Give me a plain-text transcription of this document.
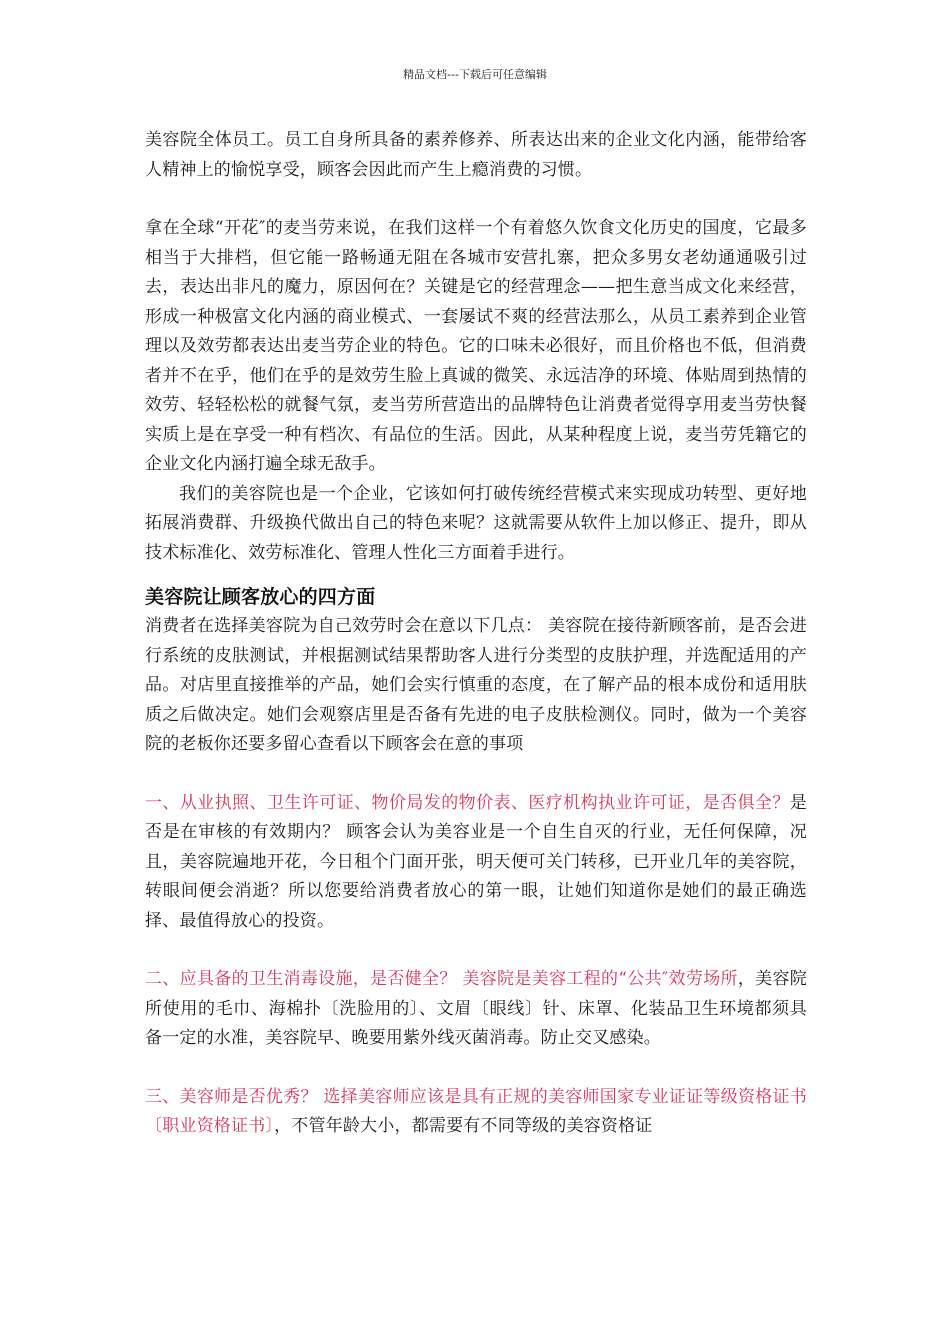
精品文档---下载后可任意编辑

美容院全体员工。员工自身所具备的素养修养、所表达出来的企业文化内涵，能带给客人精神上的愉悦享受，顾客会因此而产生上瘾消费的习惯。

拿在全球“开花″的麦当劳来说，在我们这样一个有着悠久饮食文化历史的国度，它最多相当于大排档，但它能一路畅通无阻在各城市安营扎寨，把众多男女老幼通通吸引过去，表达出非凡的魔力，原因何在？关键是它的经营理念——把生意当成文化来经营，形成一种极富文化内涵的商业模式、一套屡试不爽的经营法那么，从员工素养到企业管理以及效劳都表达出麦当劳企业的特色。它的口味未必很好，而且价格也不低，但消费者并不在乎，他们在乎的是效劳生脸上真诚的微笑、永远洁净的环境、体贴周到热情的效劳、轻轻松松的就餐气氛，麦当劳所营造出的品牌特色让消费者觉得享用麦当劳快餐实质上是在享受一种有档次、有品位的生活。因此，从某种程度上说，麦当劳凭籍它的企业文化内涵打遍全球无敌手。

我们的美容院也是一个企业，它该如何打破传统经营模式来实现成功转型、更好地拓展消费群、升级换代做出自己的特色来呢？这就需要从软件上加以修正、提升，即从技术标准化、效劳标准化、管理人性化三方面着手进行。

美容院让顾客放心的四方面

消费者在选择美容院为自己效劳时会在意以下几点： 美容院在接待新顾客前，是否会进行系统的皮肤测试，并根据测试结果帮助客人进行分类型的皮肤护理，并选配适用的产品。对店里直接推举的产品，她们会实行慎重的态度，在了解产品的根本成份和适用肤质之后做决定。她们会观察店里是否备有先进的电子皮肤检测仪。同时，做为一个美容院的老板你还要多留心查看以下顾客会在意的事项

一、从业执照、卫生许可证、物价局发的物价表、医疗机构执业许可证，是否俱全？是否是在审核的有效期内？ 顾客会认为美容业是一个自生自灭的行业，无任何保障，况且，美容院遍地开花，今日租个门面开张，明天便可关门转移，已开业几年的美容院，转眼间便会消逝？所以您要给消费者放心的第一眼，让她们知道你是她们的最正确选择、最值得放心的投资。

二、应具备的卫生消毒设施，是否健全？ 美容院是美容工程的“公共″效劳场所，美容院所使用的毛巾、海棉扑〔洗脸用的〕、文眉〔眼线〕针、床罩、化装品卫生环境都须具备一定的水准，美容院早、晚要用紫外线灭菌消毒。防止交叉感染。

三、美容师是否优秀？ 选择美容师应该是具有正规的美容师国家专业证证等级资格证书〔职业资格证书〕，不管年龄大小，都需要有不同等级的美容资格证
